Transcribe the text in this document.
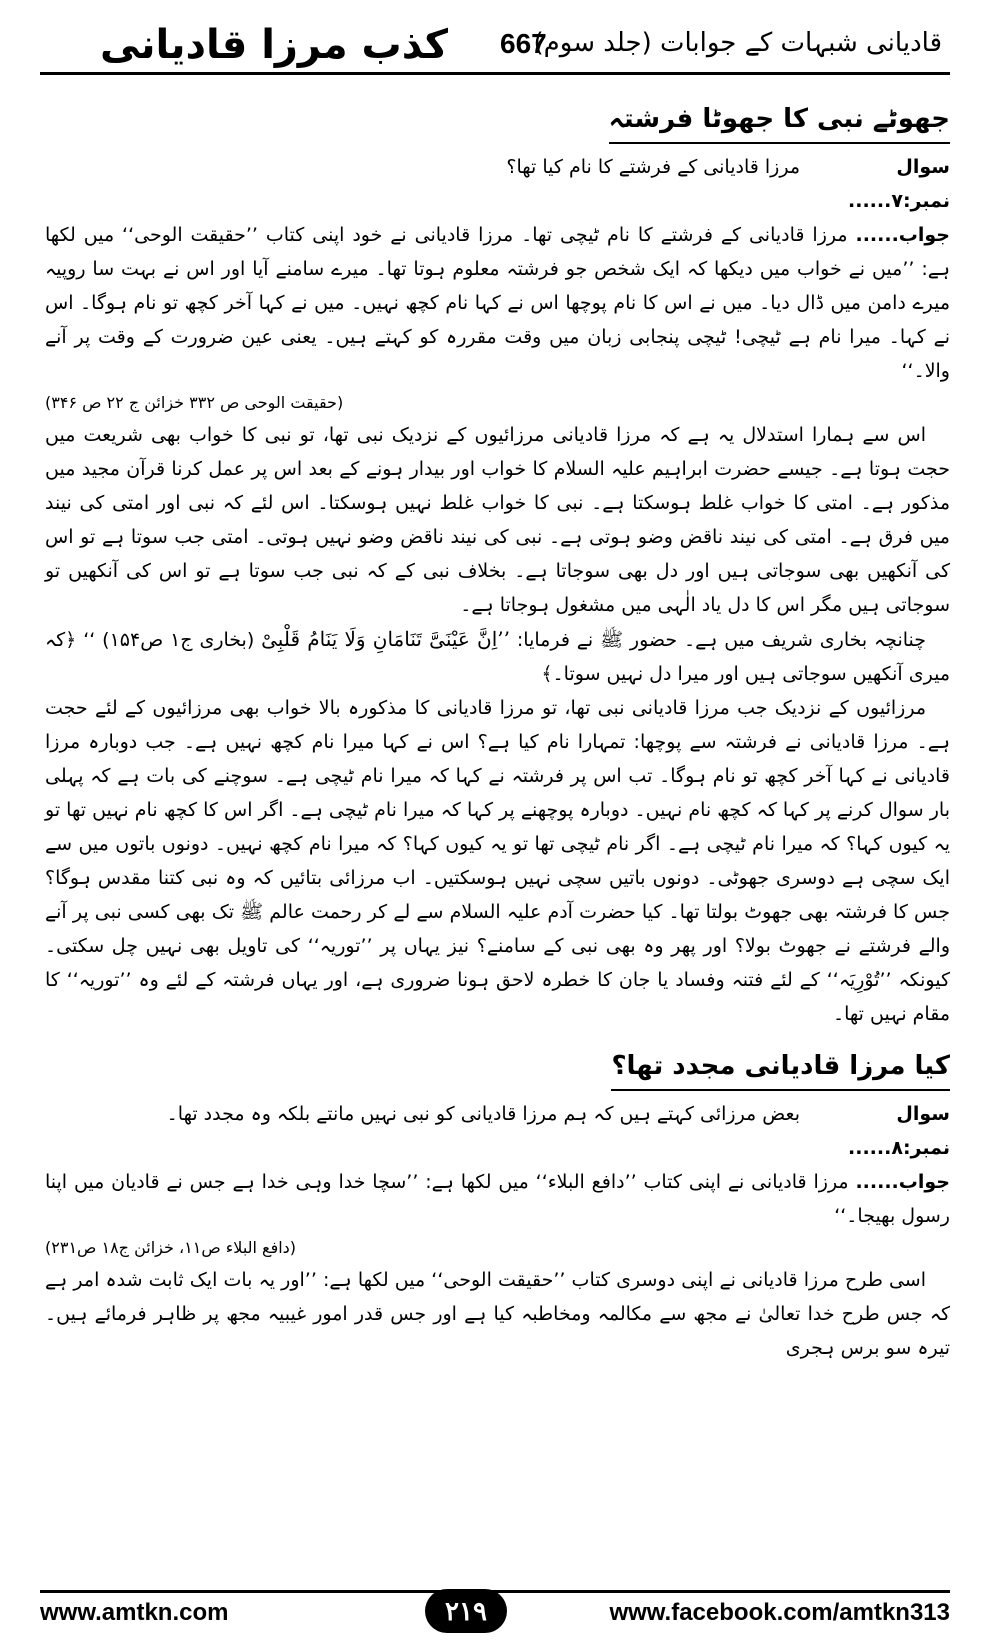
کذب مرزا قادیانی 667
قادیانی شبہات کے جوابات (جلد سوم)
جھوٹے نبی کا جھوٹا فرشتہ
سوال نمبر:۷......
مرزا قادیانی کے فرشتے کا نام کیا تھا؟

جواب...... مرزا قادیانی کے فرشتے کا نام ٹیچی تھا۔ مرزا قادیانی نے خود اپنی کتاب ’’حقیقت الوحی‘‘ میں لکھا ہے: ’’میں نے خواب میں دیکھا کہ ایک شخص جو فرشتہ معلوم ہوتا تھا۔ میرے سامنے آیا اور اس نے بہت سا روپیہ میرے دامن میں ڈال دیا۔ میں نے اس کا نام پوچھا اس نے کہا نام کچھ نہیں۔ میں نے کہا آخر کچھ تو نام ہوگا۔ اس نے کہا۔ میرا نام ہے ٹیچی! ٹیچی پنجابی زبان میں وقت مقررہ کو کہتے ہیں۔ یعنی عین ضرورت کے وقت پر آنے والا۔‘‘

(حقیقت الوحی ص ۳۳۲ خزائن ج ۲۲ ص ۳۴۶)

اس سے ہمارا استدلال یہ ہے کہ مرزا قادیانی مرزائیوں کے نزدیک نبی تھا، تو نبی کا خواب بھی شریعت میں حجت ہوتا ہے۔ جیسے حضرت ابراہیم علیہ السلام کا خواب اور بیدار ہونے کے بعد اس پر عمل کرنا قرآن مجید میں مذکور ہے۔ امتی کا خواب غلط ہوسکتا ہے۔ نبی کا خواب غلط نہیں ہوسکتا۔ اس لئے کہ نبی اور امتی کی نیند میں فرق ہے۔ امتی کی نیند ناقض وضو ہوتی ہے۔ نبی کی نیند ناقض وضو نہیں ہوتی۔ امتی جب سوتا ہے تو اس کی آنکھیں بھی سوجاتی ہیں اور دل بھی سوجاتا ہے۔ بخلاف نبی کے کہ نبی جب سوتا ہے تو اس کی آنکھیں تو سوجاتی ہیں مگر اس کا دل یاد الٰہی میں مشغول ہوجاتا ہے۔

چنانچہ بخاری شریف میں ہے۔ حضور ﷺ نے فرمایا: ’’اِنَّ عَیْنَیَّ تَنَامَانِ وَلَا یَنَامُ قَلْبِیْ (بخاری ج۱ ص۱۵۴) ‘‘ ﴿کہ میری آنکھیں سوجاتی ہیں اور میرا دل نہیں سوتا۔﴾

مرزائیوں کے نزدیک جب مرزا قادیانی نبی تھا، تو مرزا قادیانی کا مذکورہ بالا خواب بھی مرزائیوں کے لئے حجت ہے۔ مرزا قادیانی نے فرشتہ سے پوچھا: تمہارا نام کیا ہے؟ اس نے کہا میرا نام کچھ نہیں ہے۔ جب دوبارہ مرزا قادیانی نے کہا آخر کچھ تو نام ہوگا۔ تب اس پر فرشتہ نے کہا کہ میرا نام ٹیچی ہے۔ سوچنے کی بات ہے کہ پہلی بار سوال کرنے پر کہا کہ کچھ نام نہیں۔ دوبارہ پوچھنے پر کہا کہ میرا نام ٹیچی ہے۔ اگر اس کا کچھ نام نہیں تھا تو یہ کیوں کہا؟ کہ میرا نام ٹیچی ہے۔ اگر نام ٹیچی تھا تو یہ کیوں کہا؟ کہ میرا نام کچھ نہیں۔ دونوں باتوں میں سے ایک سچی ہے دوسری جھوٹی۔ دونوں باتیں سچی نہیں ہوسکتیں۔ اب مرزائی بتائیں کہ وہ نبی کتنا مقدس ہوگا؟ جس کا فرشتہ بھی جھوٹ بولتا تھا۔ کیا حضرت آدم علیہ السلام سے لے کر رحمت عالم ﷺ تک بھی کسی نبی پر آنے والے فرشتے نے جھوٹ بولا؟ اور پھر وہ بھی نبی کے سامنے؟ نیز یہاں پر ’’توریہ‘‘ کی تاویل بھی نہیں چل سکتی۔ کیونکہ ’’تُوْرِیَہ‘‘ کے لئے فتنہ وفساد یا جان کا خطرہ لاحق ہونا ضروری ہے، اور یہاں فرشتہ کے لئے وہ ’’توریہ‘‘ کا مقام نہیں تھا۔

کیا مرزا قادیانی مجدد تھا؟
سوال نمبر:۸......
بعض مرزائی کہتے ہیں کہ ہم مرزا قادیانی کو نبی نہیں مانتے بلکہ وہ مجدد تھا۔

جواب...... مرزا قادیانی نے اپنی کتاب ’’دافع البلاء‘‘ میں لکھا ہے: ’’سچا خدا وہی خدا ہے جس نے قادیان میں اپنا رسول بھیجا۔‘‘

(دافع البلاء ص۱۱، خزائن ج۱۸ ص۲۳۱)

اسی طرح مرزا قادیانی نے اپنی دوسری کتاب ’’حقیقت الوحی‘‘ میں لکھا ہے: ’’اور یہ بات ایک ثابت شدہ امر ہے کہ جس طرح خدا تعالیٰ نے مجھ سے مکالمہ ومخاطبہ کیا ہے اور جس قدر امور غیبیہ مجھ پر ظاہر فرمائے ہیں۔ تیرہ سو برس ہجری

www.amtkn.com	۲۱۹	www.facebook.com/amtkn313
